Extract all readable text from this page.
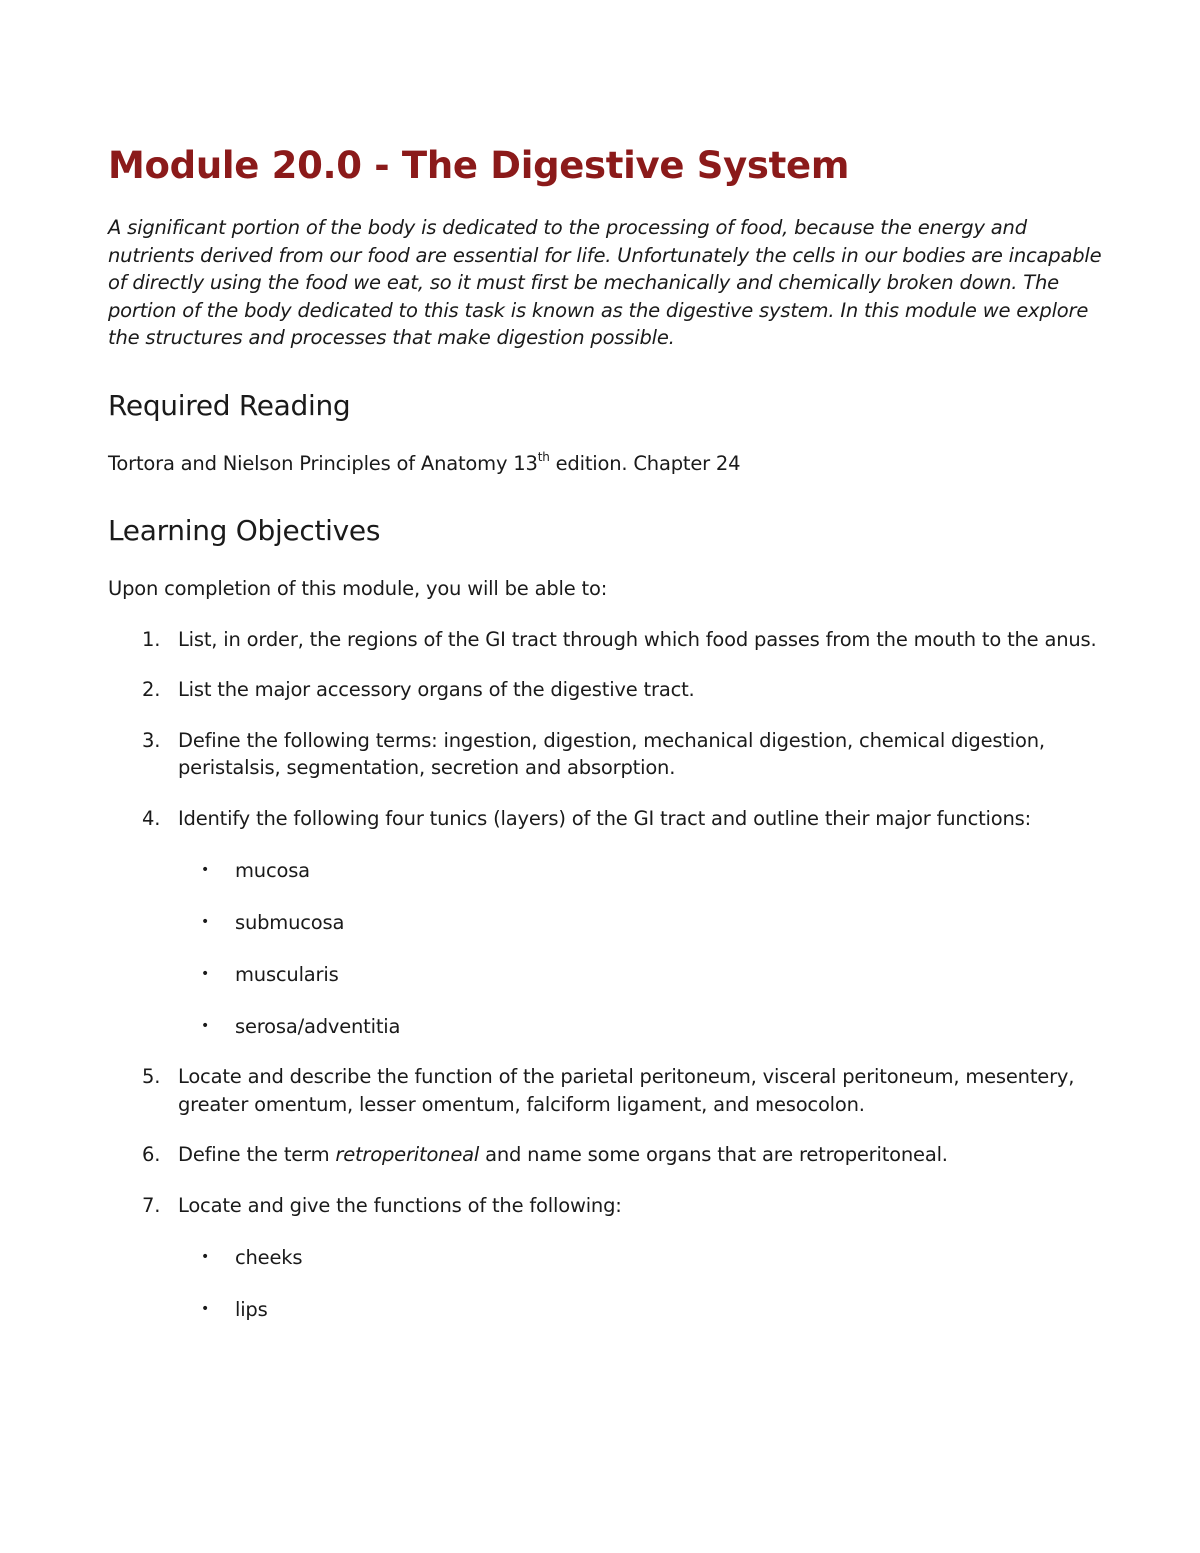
Module 20.0 - The Digestive System

A significant portion of the body is dedicated to the processing of food, because the energy and nutrients derived from our food are essential for life. Unfortunately the cells in our bodies are incapable of directly using the food we eat, so it must first be mechanically and chemically broken down. The portion of the body dedicated to this task is known as the digestive system. In this module we explore the structures and processes that make digestion possible.

Required Reading

Tortora and Nielson Principles of Anatomy 13th edition. Chapter 24

Learning Objectives

Upon completion of this module, you will be able to:

1. List, in order, the regions of the GI tract through which food passes from the mouth to the anus.
2. List the major accessory organs of the digestive tract.
3. Define the following terms: ingestion, digestion, mechanical digestion, chemical digestion, peristalsis, segmentation, secretion and absorption.
4. Identify the following four tunics (layers) of the GI tract and outline their major functions:
• mucosa
• submucosa
• muscularis
• serosa/adventitia
5. Locate and describe the function of the parietal peritoneum, visceral peritoneum, mesentery, greater omentum, lesser omentum, falciform ligament, and mesocolon.
6. Define the term retroperitoneal and name some organs that are retroperitoneal.
7. Locate and give the functions of the following:
• cheeks
• lips
